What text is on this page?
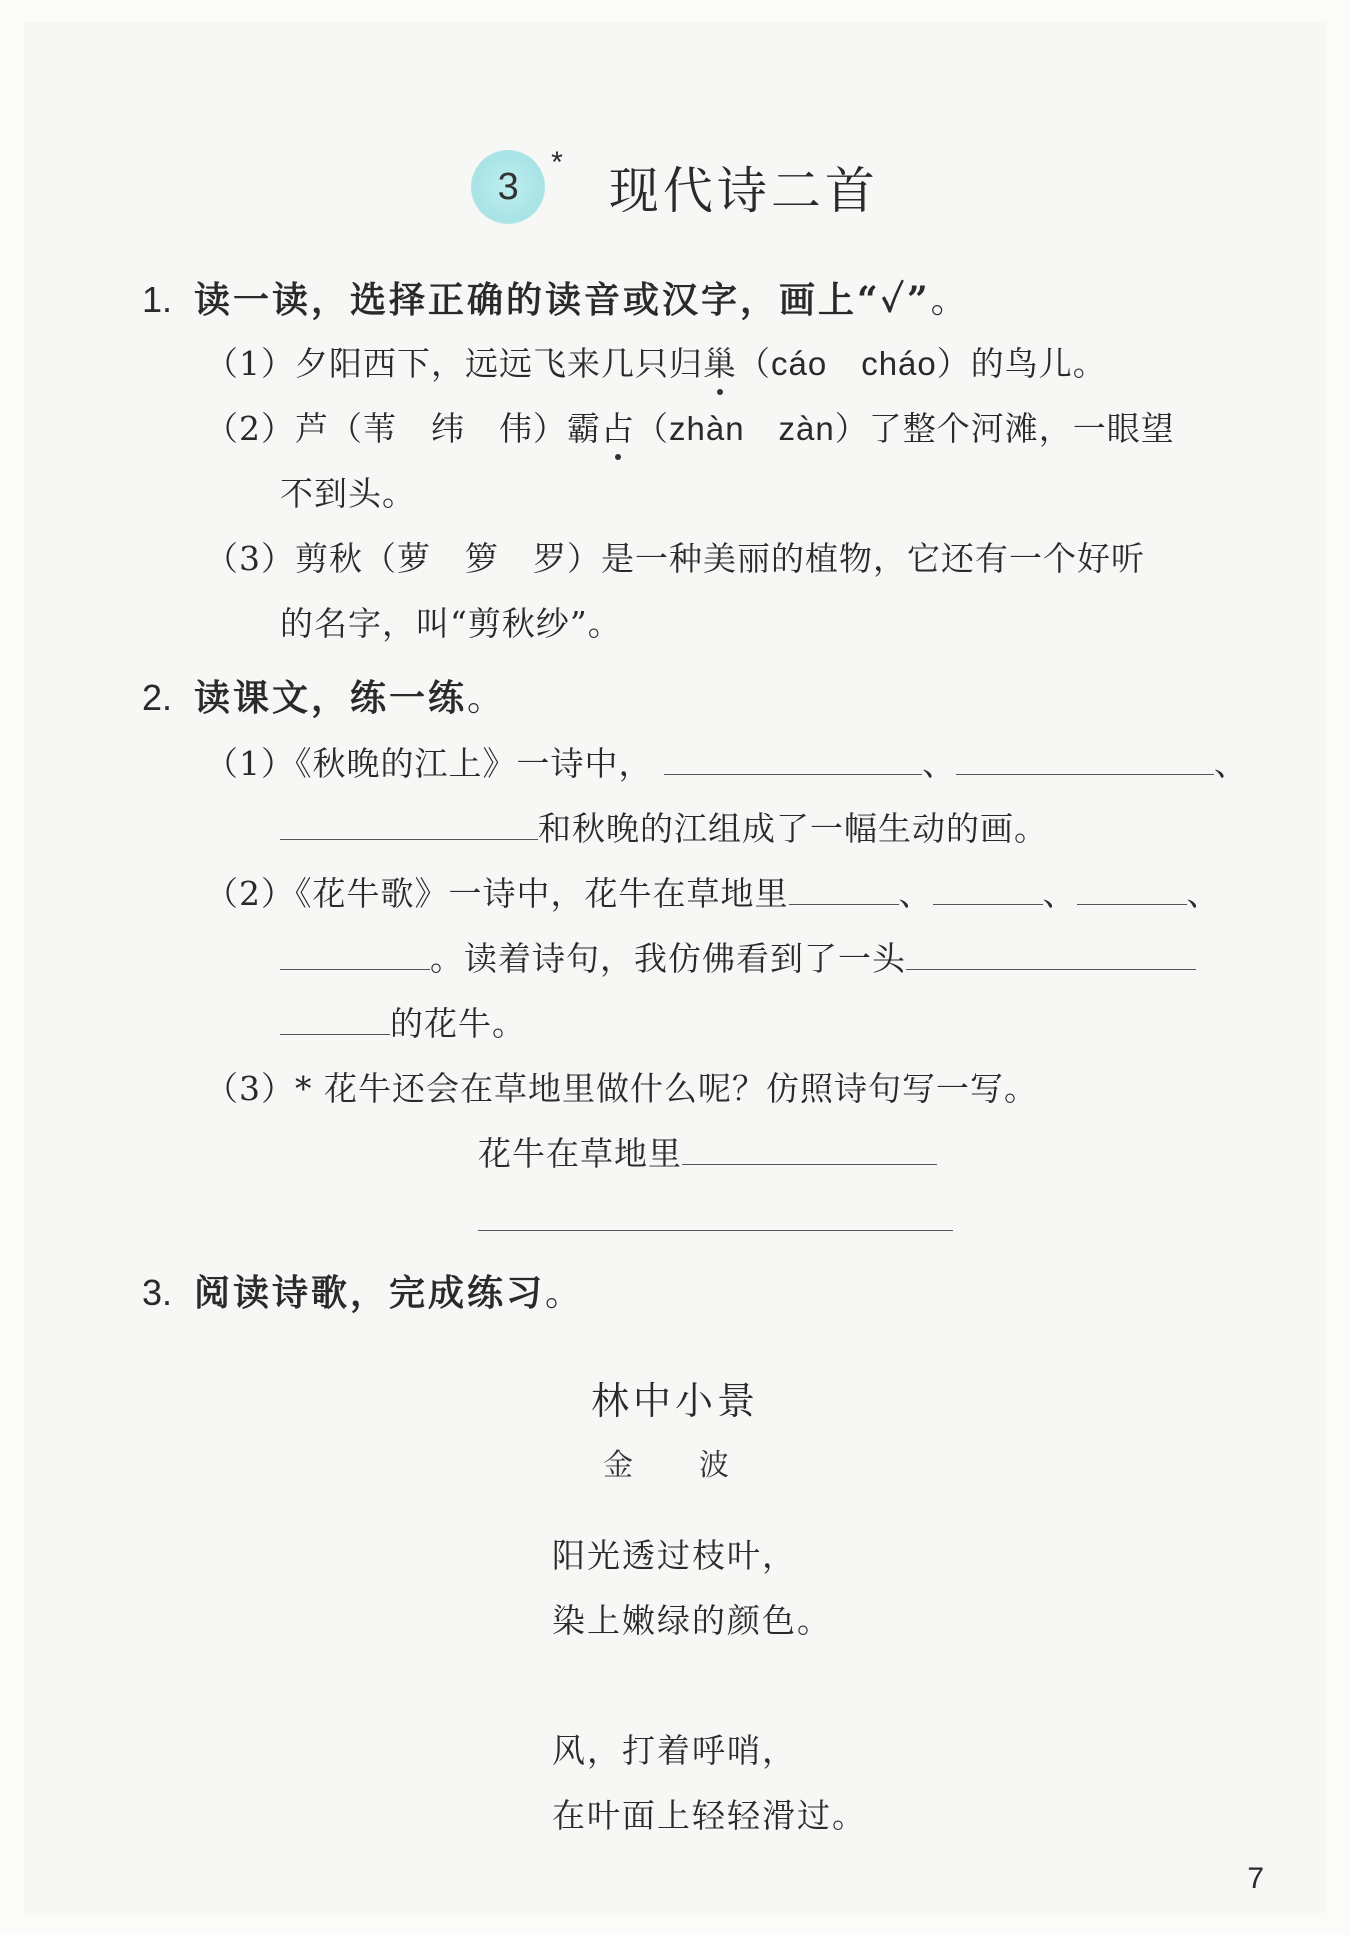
3
* 现代诗二首
1. 读一读，选择正确的读音或汉字，画上“✓”。
（1）夕阳西下，远远飞来几只归巢（cáo　cháo）的鸟儿。
（2）芦（苇　纬　伟）霸占（zhàn　zàn）了整个河滩，一眼望
不到头。
（3）剪秋（萝　箩　罗）是一种美丽的植物，它还有一个好听
的名字，叫“剪秋纱”。
2. 读课文，练一练。
（1）《秋晚的江上》一诗中，	、	、
和秋晚的江组成了一幅生动的画。
（2）《花牛歌》一诗中，花牛在草地里	、	、	、
。读着诗句，我仿佛看到了一头
的花牛。
（3）* 花牛还会在草地里做什么呢？仿照诗句写一写。
花牛在草地里
3. 阅读诗歌，完成练习。
林中小景
金　波
阳光透过枝叶，
染上嫩绿的颜色。
风，打着呼哨，
在叶面上轻轻滑过。
7
